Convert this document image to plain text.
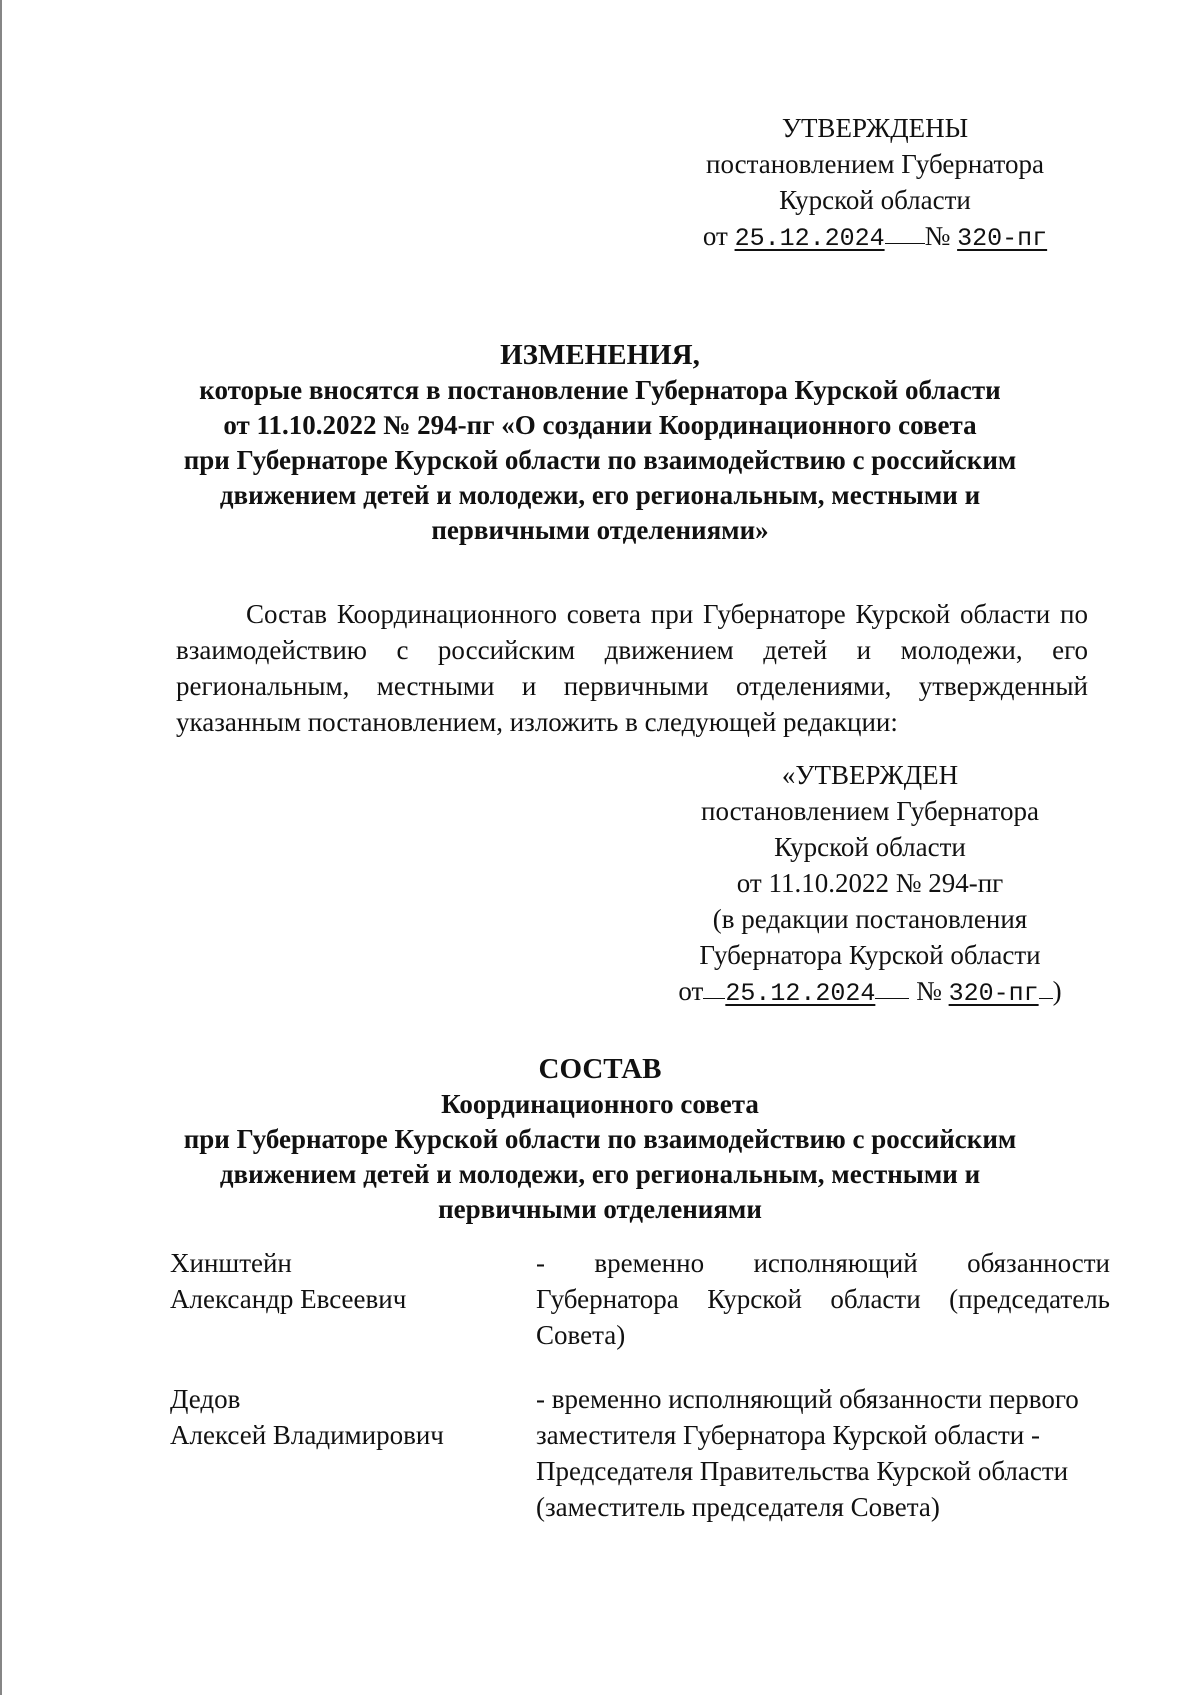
УТВЕРЖДЕНЫ
постановлением Губернатора
Курской области
от 25.12.2024 № 320-пг
ИЗМЕНЕНИЯ,
которые вносятся в постановление Губернатора Курской области
от 11.10.2022 № 294-пг «О создании Координационного совета
при Губернаторе Курской области по взаимодействию с российским
движением детей и молодежи, его региональным, местными и
первичными отделениями»

Состав Координационного совета при Губернаторе Курской области по взаимодействию с российским движением детей и молодежи, его региональным, местными и первичными отделениями, утвержденный указанным постановлением, изложить в следующей редакции:

«УТВЕРЖДЕН
постановлением Губернатора
Курской области
от 11.10.2022 № 294-пг
(в редакции постановления
Губернатора Курской области
от 25.12.2024 № 320-пг )
СОСТАВ
Координационного совета
при Губернаторе Курской области по взаимодействию с российским
движением детей и молодежи, его региональным, местными и
первичными отделениями
Хинштейн
Александр Евсеевич
- временно исполняющий обязанности
Губернатора Курской области (председатель
Совета)
Дедов
Алексей Владимирович
- временно исполняющий обязанности первого
заместителя Губернатора Курской области -
Председателя Правительства Курской области
(заместитель председателя Совета)
